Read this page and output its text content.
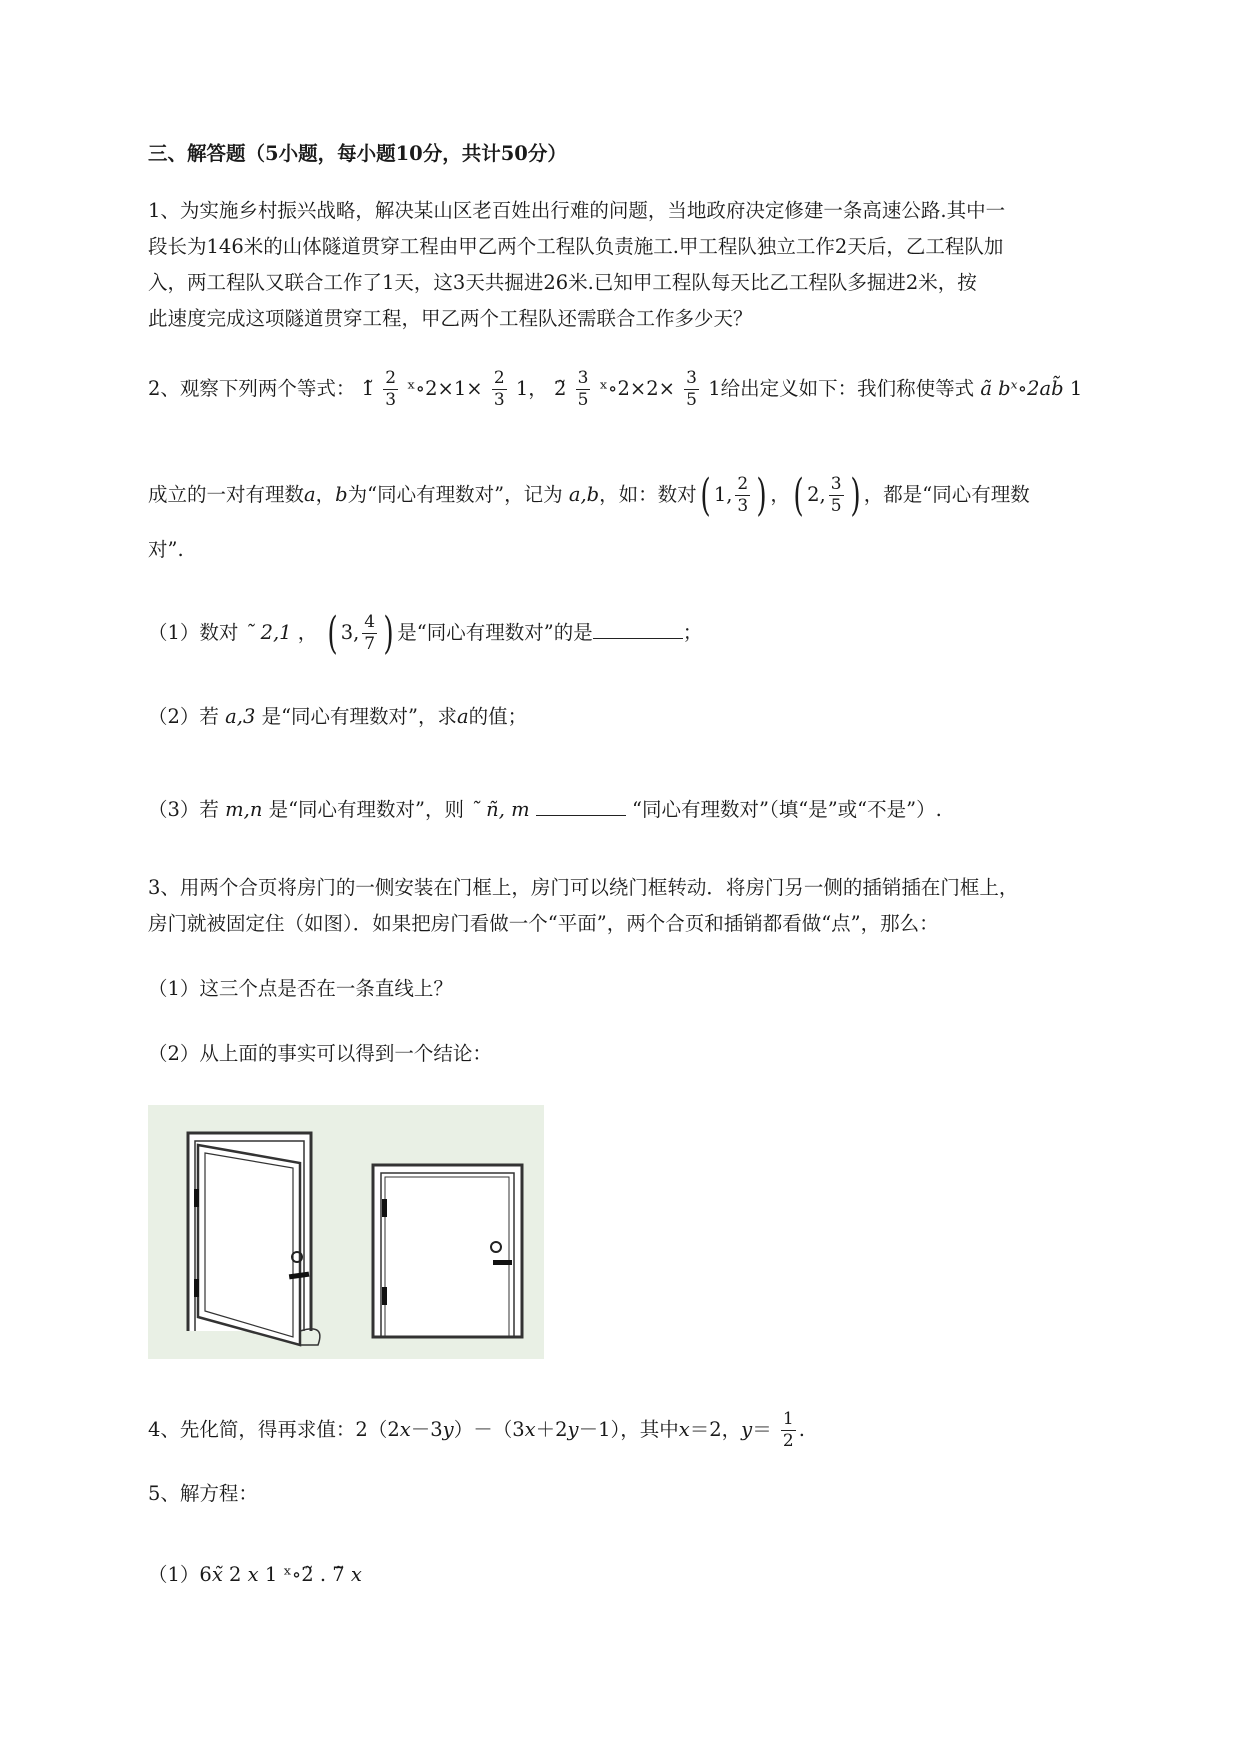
三、解答题（5小题，每小题10分，共计50分）
1、为实施乡村振兴战略，解决某山区老百姓出行难的问题，当地政府决定修建一条高速公路.其中一
段长为146米的山体隧道贯穿工程由甲乙两个工程队负责施工.甲工程队独立工作2天后，乙工程队加
入，两工程队又联合工作了1天，这3天共掘进26米.已知甲工程队每天比乙工程队多掘进2米，按
此速度完成这项隧道贯穿工程，甲乙两个工程队还需联合工作多少天？
2、观察下列两个等式： 1̃ $\frac{2}{3}$ ˣ∘2×1× $\frac{2}{3} 1$， 2̃ $\frac{3}{5}$ ˣ∘2×2× $\frac{3}{5} 1$给出定义如下：我们称使等式 ã bˣ∘2ab̃ 1
成立的一对有理数a，b为“同心有理数对”，记为 a,b，如：数对( 1, $\frac{2}{3}$ ) ，( 2, $\frac{3}{5}$ ) ，都是“同心有理数
对”.
（1）数对 ˜ 2,1 ， ( 3, $\frac{4}{7}$ ) 是“同心有理数对”的是	；
（2）若 a,3 是“同心有理数对”，求a的值；
（3）若 m,n 是“同心有理数对”，则 ˜ ñ, m	“同心有理数对”（填“是”或“不是”）.
3、用两个合页将房门的一侧安装在门框上，房门可以绕门框转动．将房门另一侧的插销插在门框上，
房门就被固定住（如图）．如果把房门看做一个“平面”，两个合页和插销都看做“点”，那么：
（1）这三个点是否在一条直线上？
（2）从上面的事实可以得到一个结论：
4、先化简，得再求值：2（2x－3y）－（3x＋2y－1），其中x＝2，$y= \frac{1}{2}$ .
5、解方程：
（1）6x̃ 2 x 1 ˣ∘2̃ . 7̃ x
